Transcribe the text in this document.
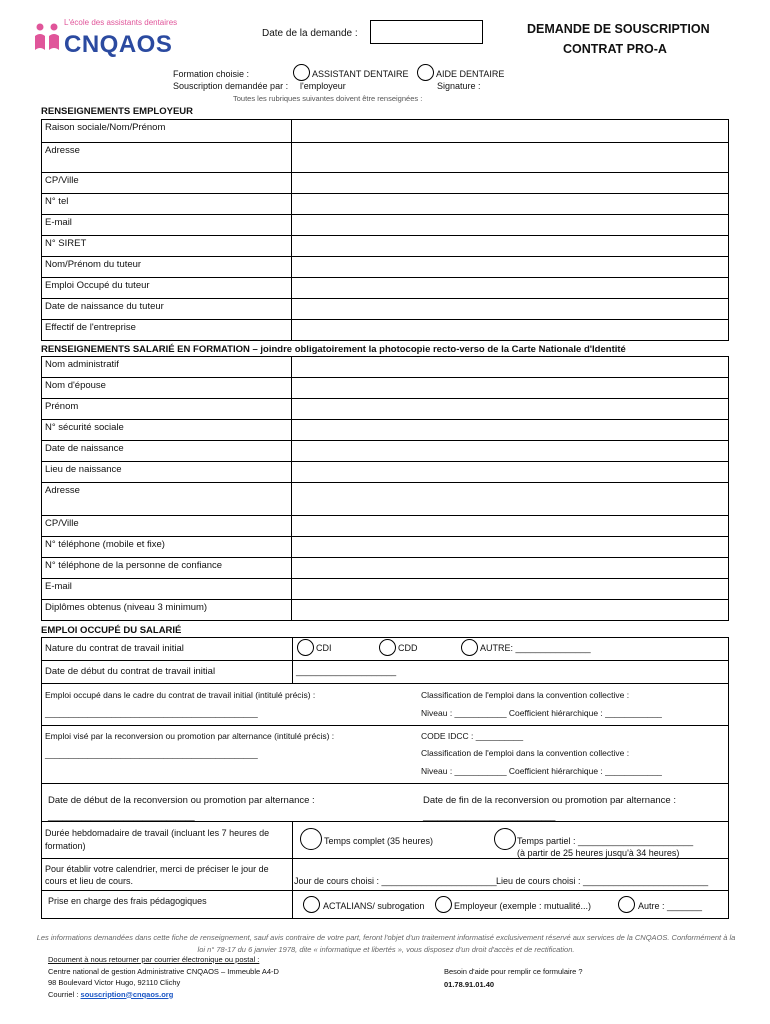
L'école des assistants dentaires
CNQAOS	Date de la demande :	DEMANDE DE SOUSCRIPTION
CONTRAT PRO-A
Formation choisie :
Souscription demandée par :
ASSISTANT DENTAIRE	AIDE DENTAIRE
l'employeur	Signature :
Toutes les rubriques suivantes doivent être renseignées :
RENSEIGNEMENTS EMPLOYEUR
Raison sociale/Nom/Prénom	
Adresse	
CP/Ville	
N° tel	
E-mail	
N° SIRET	
Nom/Prénom du tuteur	
Emploi Occupé du tuteur	
Date de naissance du tuteur	
Effectif de l'entreprise	
RENSEIGNEMENTS SALARIÉ EN FORMATION – joindre obligatoirement la photocopie recto-verso de la Carte Nationale d'Identité
Nom administratif	
Nom d'épouse	
Prénom	
N° sécurité sociale	
Date de naissance	
Lieu de naissance	
Adresse	
CP/Ville	
N° téléphone (mobile et fixe)	
N° téléphone de la personne de confiance	
E-mail	
Diplômes obtenus (niveau 3 minimum)	
EMPLOI OCCUPÉ DU SALARIÉ
Nature du contrat de travail initial	CDI	CDD	AUTRE: _______________
Date de début du contrat de travail initial	____________________
Emploi occupé dans le cadre du contrat de travail initial (intitulé précis) :
_____________________________________________
Classification de l'emploi dans la convention collective :
Niveau : ___________ Coefficient hiérarchique : ____________
Emploi visé par la reconversion ou promotion par alternance (intitulé précis) :
_____________________________________________
CODE IDCC : __________
Classification de l'emploi dans la convention collective :
Niveau : ___________ Coefficient hiérarchique : ____________
Date de début de la reconversion ou promotion par alternance :
_______________________________
Date de fin de la reconversion ou promotion par alternance :
____________________________
Durée hebdomadaire de travail (incluant les 7 heures de formation)	Temps complet (35 heures)	Temps partiel : _______________________
(à partir de 25 heures jusqu'à 34 heures)
Pour établir votre calendrier, merci de préciser le jour de cours et lieu de cours.	Jour de cours choisi : _______________________ Lieu de cours choisi : _________________________
Prise en charge des frais pédagogiques	ACTALIANS/ subrogation	Employeur (exemple : mutualité...)	Autre : _______
Les informations demandées dans cette fiche de renseignement, sauf avis contraire de votre part, feront l'objet d'un traitement informatisé exclusivement réservé aux services de la CNQAOS. Conformément à la loi n° 78-17 du 6 janvier 1978, dite « informatique et libertés », vous disposez d'un droit d'accès et de rectification.
Document à nous retourner par courrier électronique ou postal :
Centre national de gestion Administrative CNQAOS – Immeuble A4-D
98 Boulevard Victor Hugo, 92110 Clichy
Courriel : souscription@cnqaos.org
Besoin d'aide pour remplir ce formulaire ?
01.78.91.01.40
